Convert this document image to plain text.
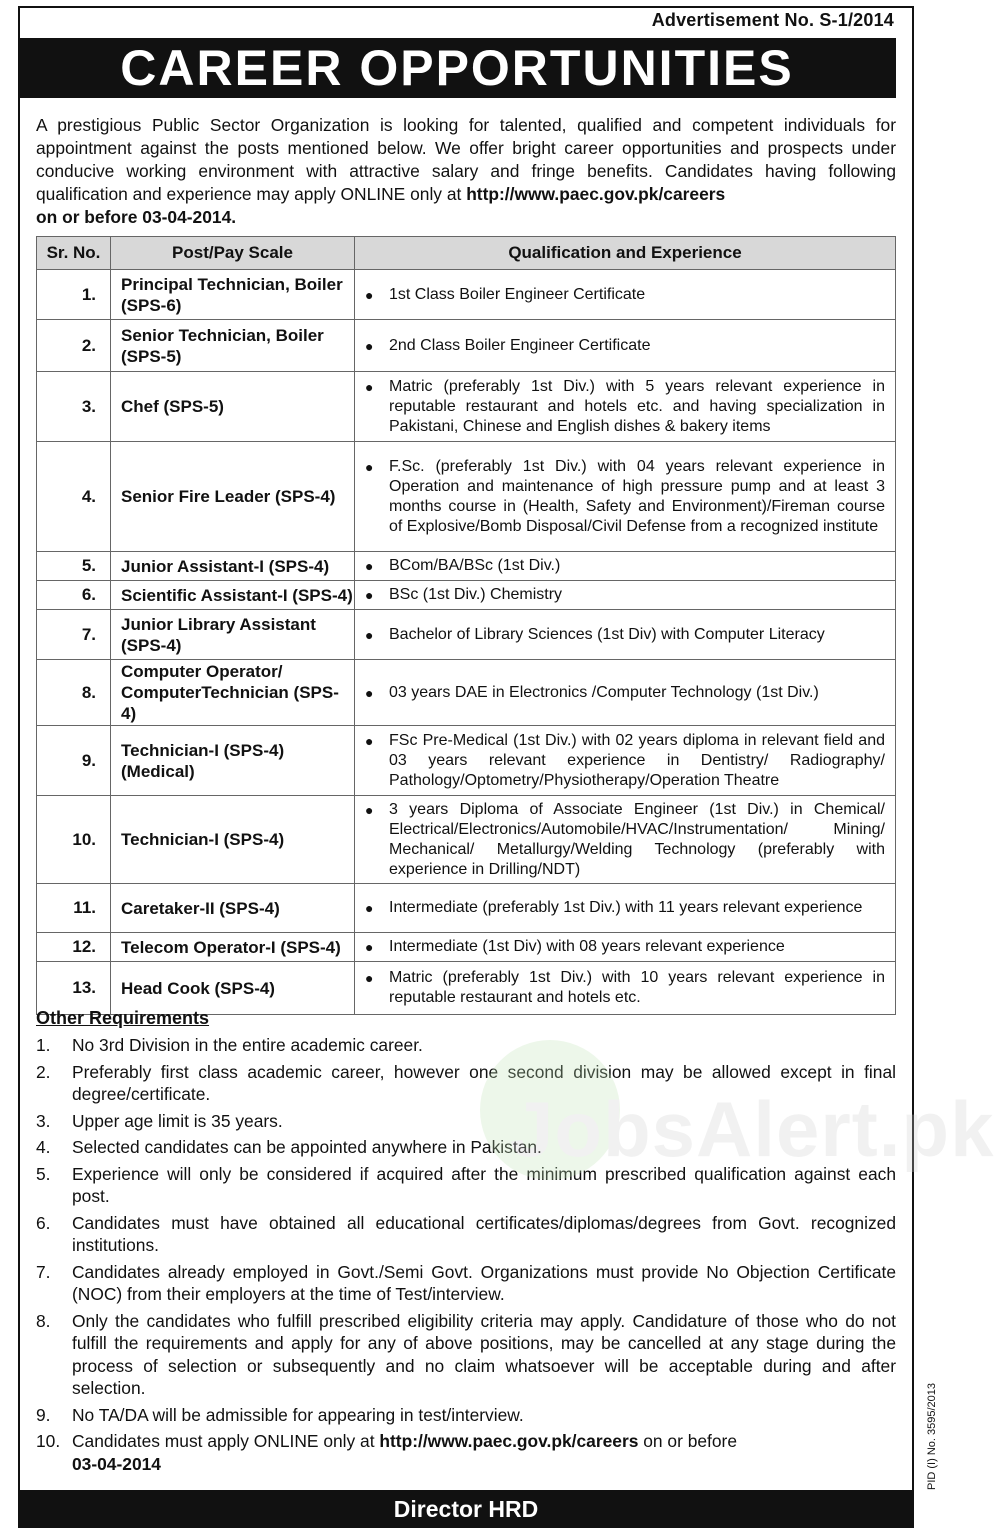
Advertisement No. S-1/2014
CAREER OPPORTUNITIES
A prestigious Public Sector Organization is looking for talented, qualified and competent individuals for appointment against the posts mentioned below. We offer bright career opportunities and prospects under conducive working environment with attractive salary and fringe benefits. Candidates having following qualification and experience may apply ONLINE only at http://www.paec.gov.pk/careers
on or before 03-04-2014.
Sr. No.	Post/Pay Scale	Qualification and Experience
1.	Principal Technician, Boiler (SPS-6)	● 1st Class Boiler Engineer Certificate

2.	Senior Technician, Boiler (SPS-5)	● 2nd Class Boiler Engineer Certificate

3.	Chef (SPS-5)	● Matric (preferably 1st Div.) with 5 years relevant experience in reputable restaurant and hotels etc. and having specialization in Pakistani, Chinese and English dishes & bakery items

4.	Senior Fire Leader (SPS-4)	● F.Sc. (preferably 1st Div.) with 04 years relevant experience in Operation and maintenance of high pressure pump and at least 3 months course in (Health, Safety and Environment)/Fireman course of Explosive/Bomb Disposal/Civil Defense from a recognized institute

5.	Junior Assistant-I (SPS-4)	● BCom/BA/BSc (1st Div.)

6.	Scientific Assistant-I (SPS-4)	● BSc (1st Div.) Chemistry

7.	Junior Library Assistant (SPS-4)	● Bachelor of Library Sciences (1st Div) with Computer Literacy

8.	Computer Operator/ ComputerTechnician (SPS-4)	● 03 years DAE in Electronics /Computer Technology (1st Div.)

9.	Technician-I (SPS-4) (Medical)	● FSc Pre-Medical (1st Div.) with 02 years diploma in relevant field and 03 years relevant experience in Dentistry/ Radiography/ Pathology/Optometry/Physiotherapy/Operation Theatre

10.	Technician-I (SPS-4)	● 3 years Diploma of Associate Engineer (1st Div.) in Chemical/ Electrical/Electronics/Automobile/HVAC/Instrumentation/ Mining/ Mechanical/ Metallurgy/Welding Technology (preferably with experience in Drilling/NDT)

11.	Caretaker-II (SPS-4)	● Intermediate (preferably 1st Div.) with 11 years relevant experience

12.	Telecom Operator-I (SPS-4)	● Intermediate (1st Div) with 08 years relevant experience

13.	Head Cook (SPS-4)	● Matric (preferably 1st Div.) with 10 years relevant experience in reputable restaurant and hotels etc.
Other Requirements
1.	No 3rd Division in the entire academic career.
2.	Preferably first class academic career, however one second division may be allowed except in final degree/certificate.
3.	Upper age limit is 35 years.
4.	Selected candidates can be appointed anywhere in Pakistan.
5.	Experience will only be considered if acquired after the minimum prescribed qualification against each post.
6.	Candidates must have obtained all educational certificates/diplomas/degrees from Govt. recognized institutions.
7.	Candidates already employed in Govt./Semi Govt. Organizations must provide No Objection Certificate (NOC) from their employers at the time of Test/interview.
8.	Only the candidates who fulfill prescribed eligibility criteria may apply. Candidature of those who do not fulfill the requirements and apply for any of above positions, may be cancelled at any stage during the process of selection or subsequently and no claim whatsoever will be acceptable during and after selection.
9.	No TA/DA will be admissible for appearing in test/interview.
10. Candidates must apply ONLINE only at http://www.paec.gov.pk/careers on or before
03-04-2014
JobsAlert.pk
PID (I) No. 3595/2013
Director HRD
